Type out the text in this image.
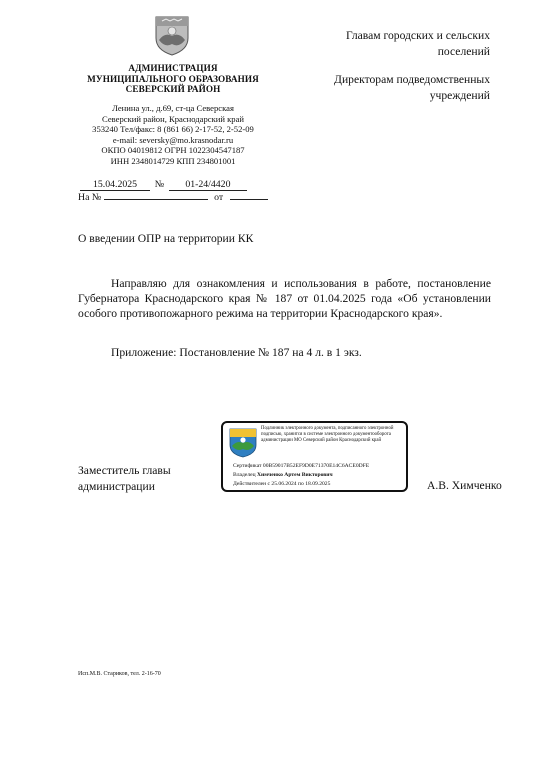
АДМИНИСТРАЦИЯ
МУНИЦИПАЛЬНОГО ОБРАЗОВАНИЯ
СЕВЕРСКИЙ РАЙОН
Ленина ул., д.69, ст-ца Северская
Северский район, Краснодарский край
353240 Тел/факс: 8 (861 66) 2-17-52, 2-52-09
e-mail: seversky@mo.krasnodar.ru
ОКПО 04019812 ОГРН 1022304547187
ИНН 2348014729 КПП 234801001
Главам городских и сельских
поселений
Директорам подведомственных
учреждений
15.04.2025 № 01-24/4420
На №	от
О введении ОПР на территории КК

Направляю для ознакомления и использования в работе, постановление Губернатора Краснодарского края № 187 от 01.04.2025 года «Об установлении особого противопожарного режима на территории Краснодарского края».

Приложение: Постановление № 187 на 4 л. в 1 экз.
Заместитель главы
администрации	А.В. Химченко
Подлинник электронного документа, подписанного электронной подписью, хранится в системе электронного документооборота администрации МО Северский район Краснодарский край
Сертификат 00B59017B52EF9D0E71370E14C6ACE0DFE
Владелец Химченко Артем Викторович
Действителен с 25.06.2024 по 18.09.2025
Исп.М.В. Стариков, тел. 2-16-70
